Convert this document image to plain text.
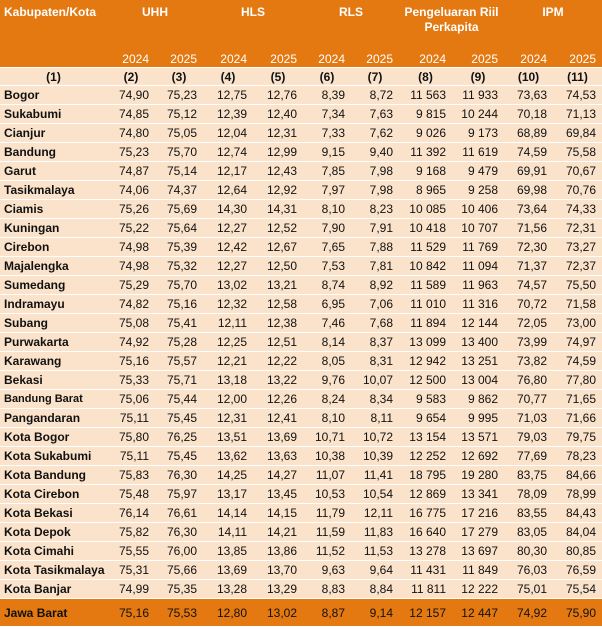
Kabupaten/Kota	UHH		HLS		RLS		Pengeluaran Riil
Perkapita		IPM	
	2024	2025	2024	2025	2024	2025	2024	2025	2024	2025
(1)	(2)	(3)	(4)	(5)	(6)	(7)	(8)	(9)	(10)	(11)
Bogor	74,90	75,23	12,75	12,76	8,39	8,72	11 563	11 933	73,63	74,53
Sukabumi	74,85	75,12	12,39	12,40	7,34	7,63	9 815	10 244	70,18	71,13
Cianjur	74,80	75,05	12,04	12,31	7,33	7,62	9 026	9 173	68,89	69,84
Bandung	75,23	75,70	12,74	12,99	9,15	9,40	11 392	11 619	74,59	75,58
Garut	74,87	75,14	12,17	12,43	7,85	7,98	9 168	9 479	69,91	70,67
Tasikmalaya	74,06	74,37	12,64	12,92	7,97	7,98	8 965	9 258	69,98	70,76
Ciamis	75,26	75,69	14,30	14,31	8,10	8,23	10 085	10 406	73,64	74,33
Kuningan	75,22	75,64	12,27	12,52	7,90	7,91	10 418	10 707	71,56	72,31
Cirebon	74,98	75,39	12,42	12,67	7,65	7,88	11 529	11 769	72,30	73,27
Majalengka	74,98	75,32	12,27	12,50	7,53	7,81	10 842	11 094	71,37	72,37
Sumedang	75,29	75,70	13,02	13,21	8,74	8,92	11 589	11 963	74,57	75,50
Indramayu	74,82	75,16	12,32	12,58	6,95	7,06	11 010	11 316	70,72	71,58
Subang	75,08	75,41	12,11	12,38	7,46	7,68	11 894	12 144	72,05	73,00
Purwakarta	74,92	75,28	12,25	12,51	8,14	8,37	13 099	13 400	73,99	74,97
Karawang	75,16	75,57	12,21	12,22	8,05	8,31	12 942	13 251	73,82	74,59
Bekasi	75,33	75,71	13,18	13,22	9,76	10,07	12 500	13 004	76,80	77,80
Bandung Barat	75,06	75,44	12,00	12,26	8,24	8,34	9 583	9 862	70,77	71,65
Pangandaran	75,11	75,45	12,31	12,41	8,10	8,11	9 654	9 995	71,03	71,66
Kota Bogor	75,80	76,25	13,51	13,69	10,71	10,72	13 154	13 571	79,03	79,75
Kota Sukabumi	75,11	75,45	13,62	13,63	10,38	10,39	12 252	12 692	77,69	78,23
Kota Bandung	75,83	76,30	14,25	14,27	11,07	11,41	18 795	19 280	83,75	84,66
Kota Cirebon	75,48	75,97	13,17	13,45	10,53	10,54	12 869	13 341	78,09	78,99
Kota Bekasi	76,14	76,61	14,14	14,15	11,79	12,11	16 775	17 216	83,55	84,43
Kota Depok	75,82	76,30	14,11	14,21	11,59	11,83	16 640	17 279	83,05	84,04
Kota Cimahi	75,55	76,00	13,85	13,86	11,52	11,53	13 278	13 697	80,30	80,85
Kota Tasikmalaya	75,31	75,66	13,69	13,70	9,63	9,64	11 431	11 849	76,03	76,59
Kota Banjar	74,99	75,35	13,28	13,29	8,83	8,84	11 811	12 222	75,01	75,54
Jawa Barat	75,16	75,53	12,80	13,02	8,87	9,14	12 157	12 447	74,92	75,90
